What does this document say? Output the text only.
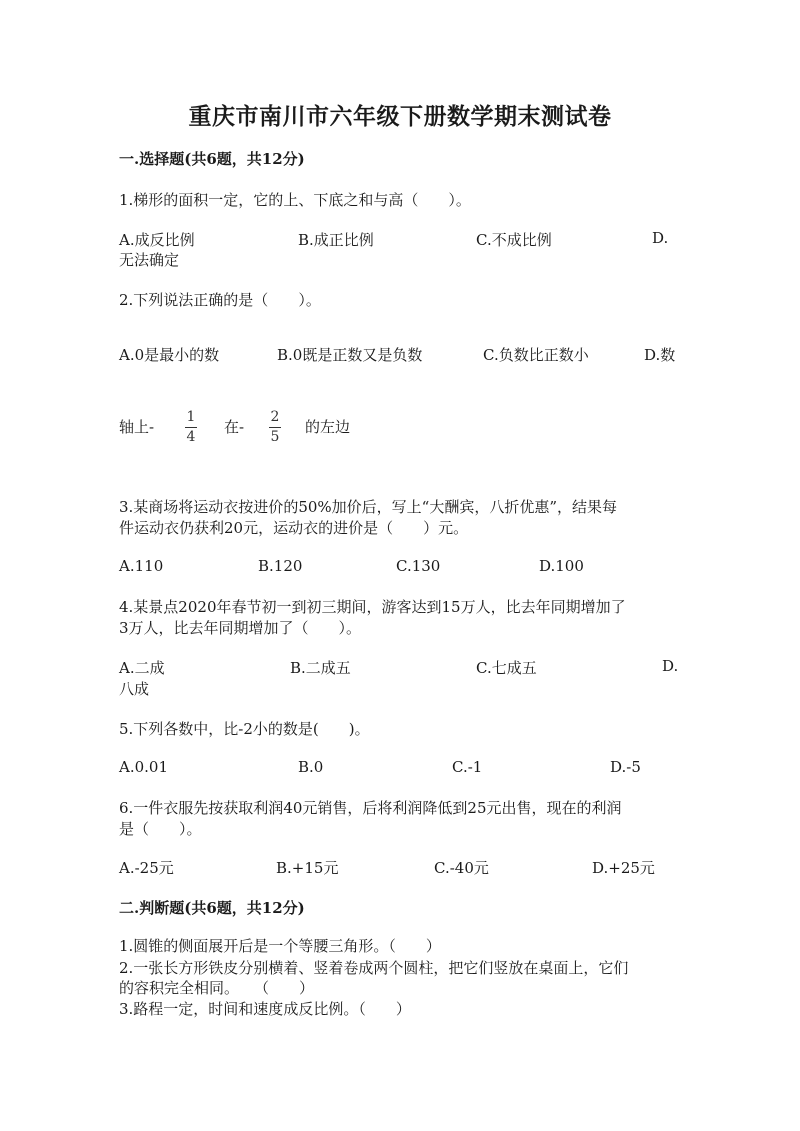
重庆市南川市六年级下册数学期末测试卷
一.选择题(共6题，共12分)
1.梯形的面积一定，它的上、下底之和与高（　　）。
A.成反比例	B.成正比例	C.不成比例	D.
无法确定
2.下列说法正确的是（　　）。
A.0是最小的数	B.0既是正数又是负数	C.负数比正数小	D.数
轴上- $\frac{1}{4}$ 在- $\frac{2}{5}$ 的左边
3.某商场将运动衣按进价的50%加价后，写上“大酬宾，八折优惠”，结果每
件运动衣仍获利20元，运动衣的进价是（　　）元。
A.110	B.120	C.130	D.100
4.某景点2020年春节初一到初三期间，游客达到15万人，比去年同期增加了
3万人，比去年同期增加了（　　）。
A.二成	B.二成五	C.七成五	D.
八成
5.下列各数中，比-2小的数是(　　)。
A.0.01	B.0	C.-1	D.-5
6.一件衣服先按获取利润40元销售，后将利润降低到25元出售，现在的利润
是（　　）。
A.-25元	B.+15元	C.-40元	D.+25元
二.判断题(共6题，共12分)
1.圆锥的侧面展开后是一个等腰三角形。（　　）
2.一张长方形铁皮分别横着、竖着卷成两个圆柱，把它们竖放在桌面上，它们
的容积完全相同。　　（　　）
3.路程一定，时间和速度成反比例。（　　）
